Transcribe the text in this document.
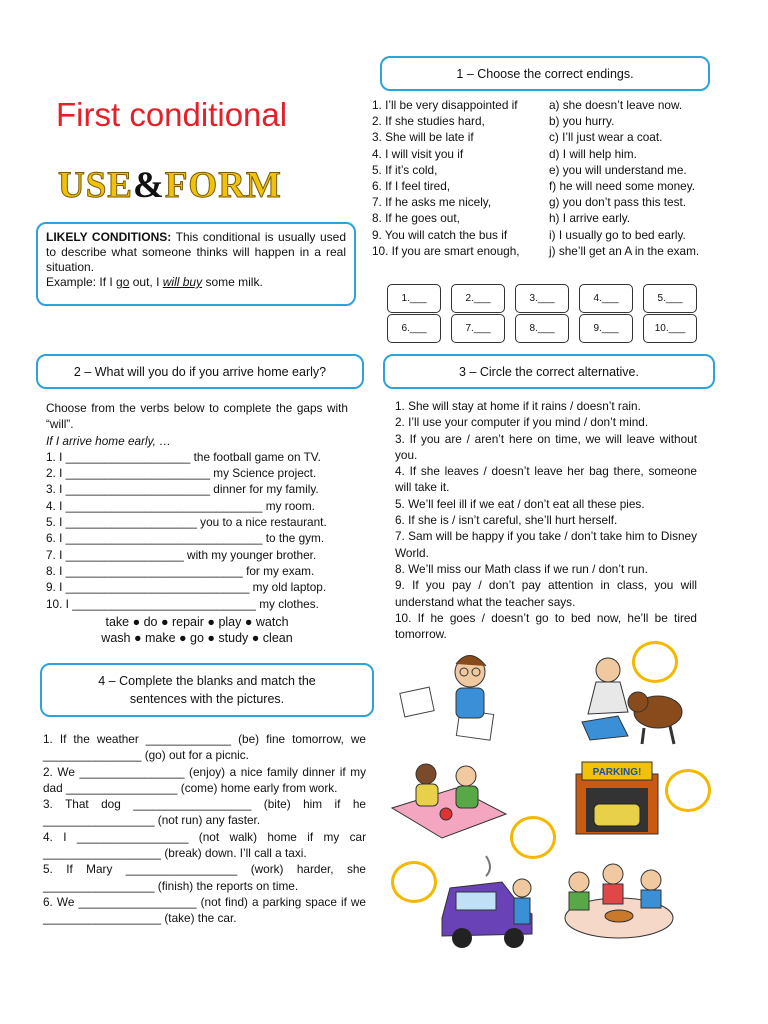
First conditional
USE&FORM
LIKELY CONDITIONS: This conditional is usually used to describe what someone thinks will happen in a real situation.
Example: If I go out, I will buy some milk.
1 – Choose the correct endings.
1. I’ll be very disappointed if
2. If she studies hard,
3. She will be late if
4. I will visit you if
5. If it’s cold,
6. If I feel tired,
7. If he asks me nicely,
8. If he goes out,
9. You will catch the bus if
10. If you are smart enough,
a) she doesn’t leave now.
b) you hurry.
c) I’ll just wear a coat.
d) I will help him.
e) you will understand me.
f) he will need some money.
g) you don’t pass this test.
h) I arrive early.
i) I usually go to bed early.
j) she’ll get an A in the exam.
1.___	2.___	3.___	4.___	5.___
6.___	7.___	8.___	9.___	10.___
2 – What will you do if you arrive home early?
Choose from the verbs below to complete the gaps with “will”.
If I arrive home early, …
1. I ___________________ the football game on TV.
2. I ______________________ my Science project.
3. I ______________________ dinner for my family.
4. I ______________________________ my room.
5. I ____________________ you to a nice restaurant.
6. I ______________________________ to the gym.
7. I __________________ with my younger brother.
8. I ___________________________ for my exam.
9. I ____________________________ my old laptop.
10. I ____________________________ my clothes.
take ● do ● repair ● play ● watch
wash ● make ● go ● study ● clean
3 – Circle the correct alternative.
1. She will stay at home if it rains / doesn’t rain.
2. I’ll use your computer if you mind / don’t mind.
3. If you are / aren’t here on time, we will leave without you.
4. If she leaves / doesn’t leave her bag there, someone will take it.
5. We’ll feel ill if we eat / don’t eat all these pies.
6. If she is / isn’t careful, she’ll hurt herself.
7. Sam will be happy if you take / don’t take him to Disney World.
8. We’ll miss our Math class if we run / don’t run.
9. If you pay / don’t pay attention in class, you will understand what the teacher says.
10. If he goes / doesn’t go to bed now, he’ll be tired tomorrow.
4 – Complete the blanks and match the sentences with the pictures.
1. If the weather _____________ (be) fine tomorrow, we _______________ (go) out for a picnic.
2. We ________________ (enjoy) a nice family dinner if my dad _________________ (come) home early from work.
3. That dog __________________ (bite) him if he _________________ (not run) any faster.
4. I _________________ (not walk) home if my car __________________ (break) down. I’ll call a taxi.
5. If Mary _________________ (work) harder, she _________________ (finish) the reports on time.
6. We __________________ (not find) a parking space if we __________________ (take) the car.
PARKING!
